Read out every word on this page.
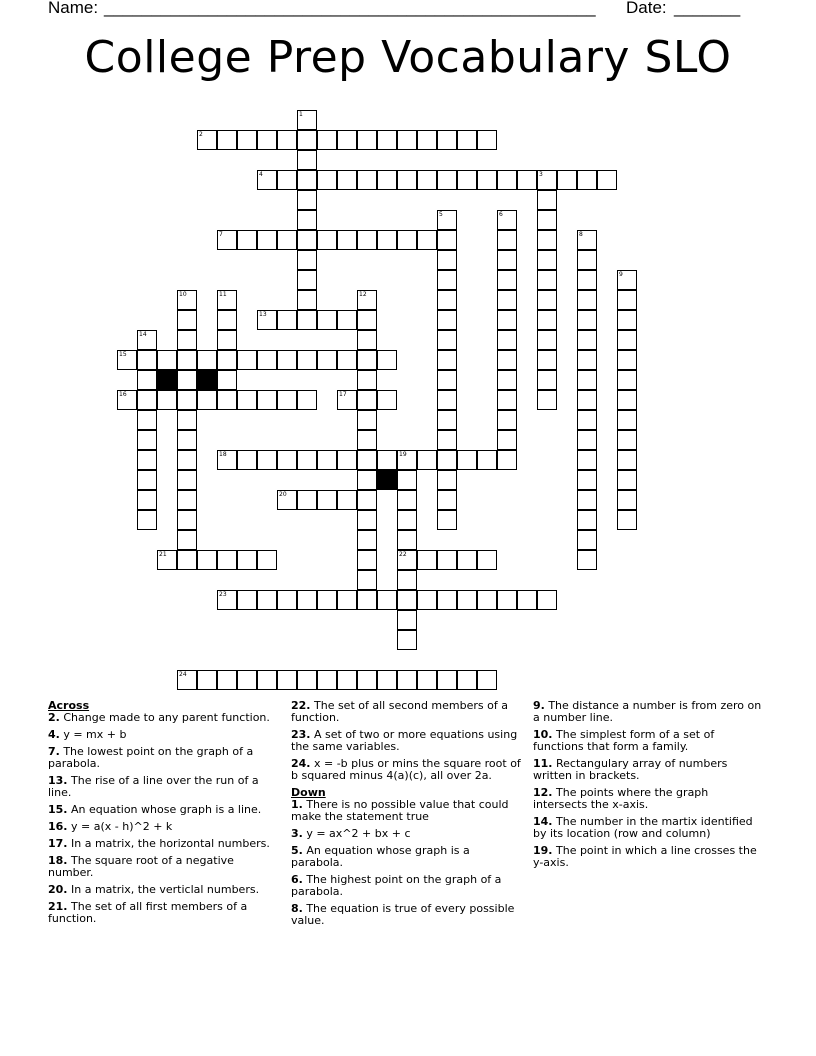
Name: ____________________________________________________ Date: _______
College Prep Vocabulary SLO
2
4
7
13
15
16	17
18
20
21	22
23
24
1
3
5	6
8
9
10	11	12
14
19
Across

2. Change made to any parent function.

4. y = mx + b

7. The lowest point on the graph of a parabola.

13. The rise of a line over the run of a line.

15. An equation whose graph is a line.

16. y = a(x - h)^2 + k

17. In a matrix, the horizontal numbers.

18. The square root of a negative number.

20. In a matrix, the verticlal numbers.

21. The set of all first members of a function.

22. The set of all second members of a function.

23. A set of two or more equations using the same variables.

24. x = -b plus or mins the square root of b squared minus 4(a)(c), all over 2a.

Down

1. There is no possible value that could make the statement true

3. y = ax^2 + bx + c

5. An equation whose graph is a parabola.

6. The highest point on the graph of a parabola.

8. The equation is true of every possible value.

9. The distance a number is from zero on a number line.

10. The simplest form of a set of functions that form a family.

11. Rectangulary array of numbers written in brackets.

12. The points where the graph intersects the x-axis.

14. The number in the martix identified by its location (row and column)

19. The point in which a line crosses the y-axis.
